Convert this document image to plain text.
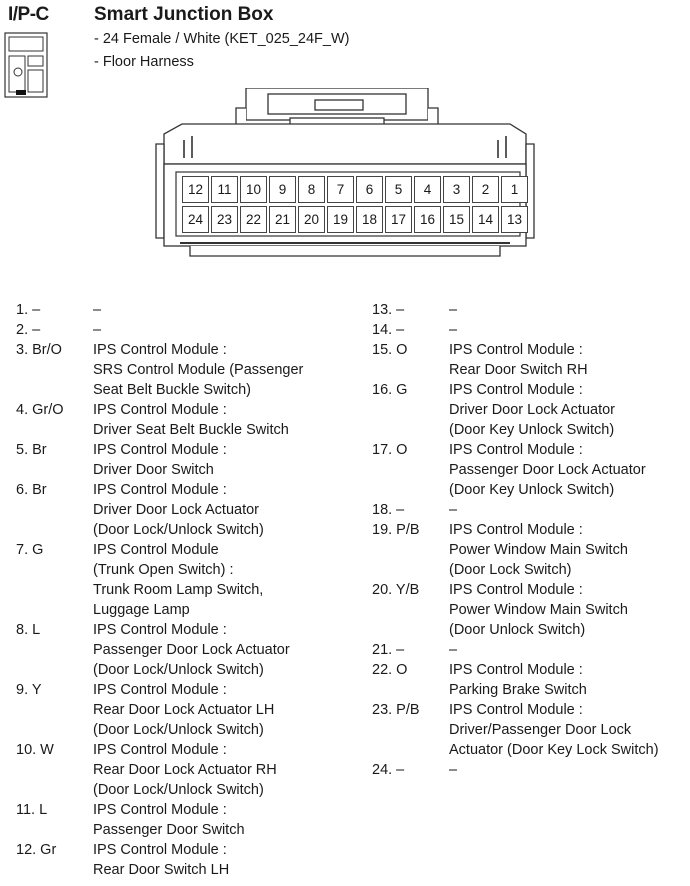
I/P-C Smart Junction Box
- 24 Female / White (KET_025_24F_W)
- Floor Harness
12	11	10	9	8	7	6	5	4	3	2	1
24	23	22	21	20	19	18	17	16	15	14	13
1. –	–
2. –	–
3. Br/O	IPS Control Module :
SRS Control Module (Passenger
Seat Belt Buckle Switch)
4. Gr/O	IPS Control Module :
Driver Seat Belt Buckle Switch
5. Br	IPS Control Module :
Driver Door Switch
6. Br	IPS Control Module :
Driver Door Lock Actuator
(Door Lock/Unlock Switch)
7. G	IPS Control Module
(Trunk Open Switch) :
Trunk Room Lamp Switch,
Luggage Lamp
8. L	IPS Control Module :
Passenger Door Lock Actuator
(Door Lock/Unlock Switch)
9. Y	IPS Control Module :
Rear Door Lock Actuator LH
(Door Lock/Unlock Switch)
10. W	IPS Control Module :
Rear Door Lock Actuator RH
(Door Lock/Unlock Switch)
11. L	IPS Control Module :
Passenger Door Switch
12. Gr	IPS Control Module :
Rear Door Switch LH
13. –	–
14. –	–
15. O	IPS Control Module :
Rear Door Switch RH
16. G	IPS Control Module :
Driver Door Lock Actuator
(Door Key Unlock Switch)
17. O	IPS Control Module :
Passenger Door Lock Actuator
(Door Key Unlock Switch)
18. –	–
19. P/B	IPS Control Module :
Power Window Main Switch
(Door Lock Switch)
20. Y/B	IPS Control Module :
Power Window Main Switch
(Door Unlock Switch)
21. –	–
22. O	IPS Control Module :
Parking Brake Switch
23. P/B	IPS Control Module :
Driver/Passenger Door Lock
Actuator (Door Key Lock Switch)
24. –	–
